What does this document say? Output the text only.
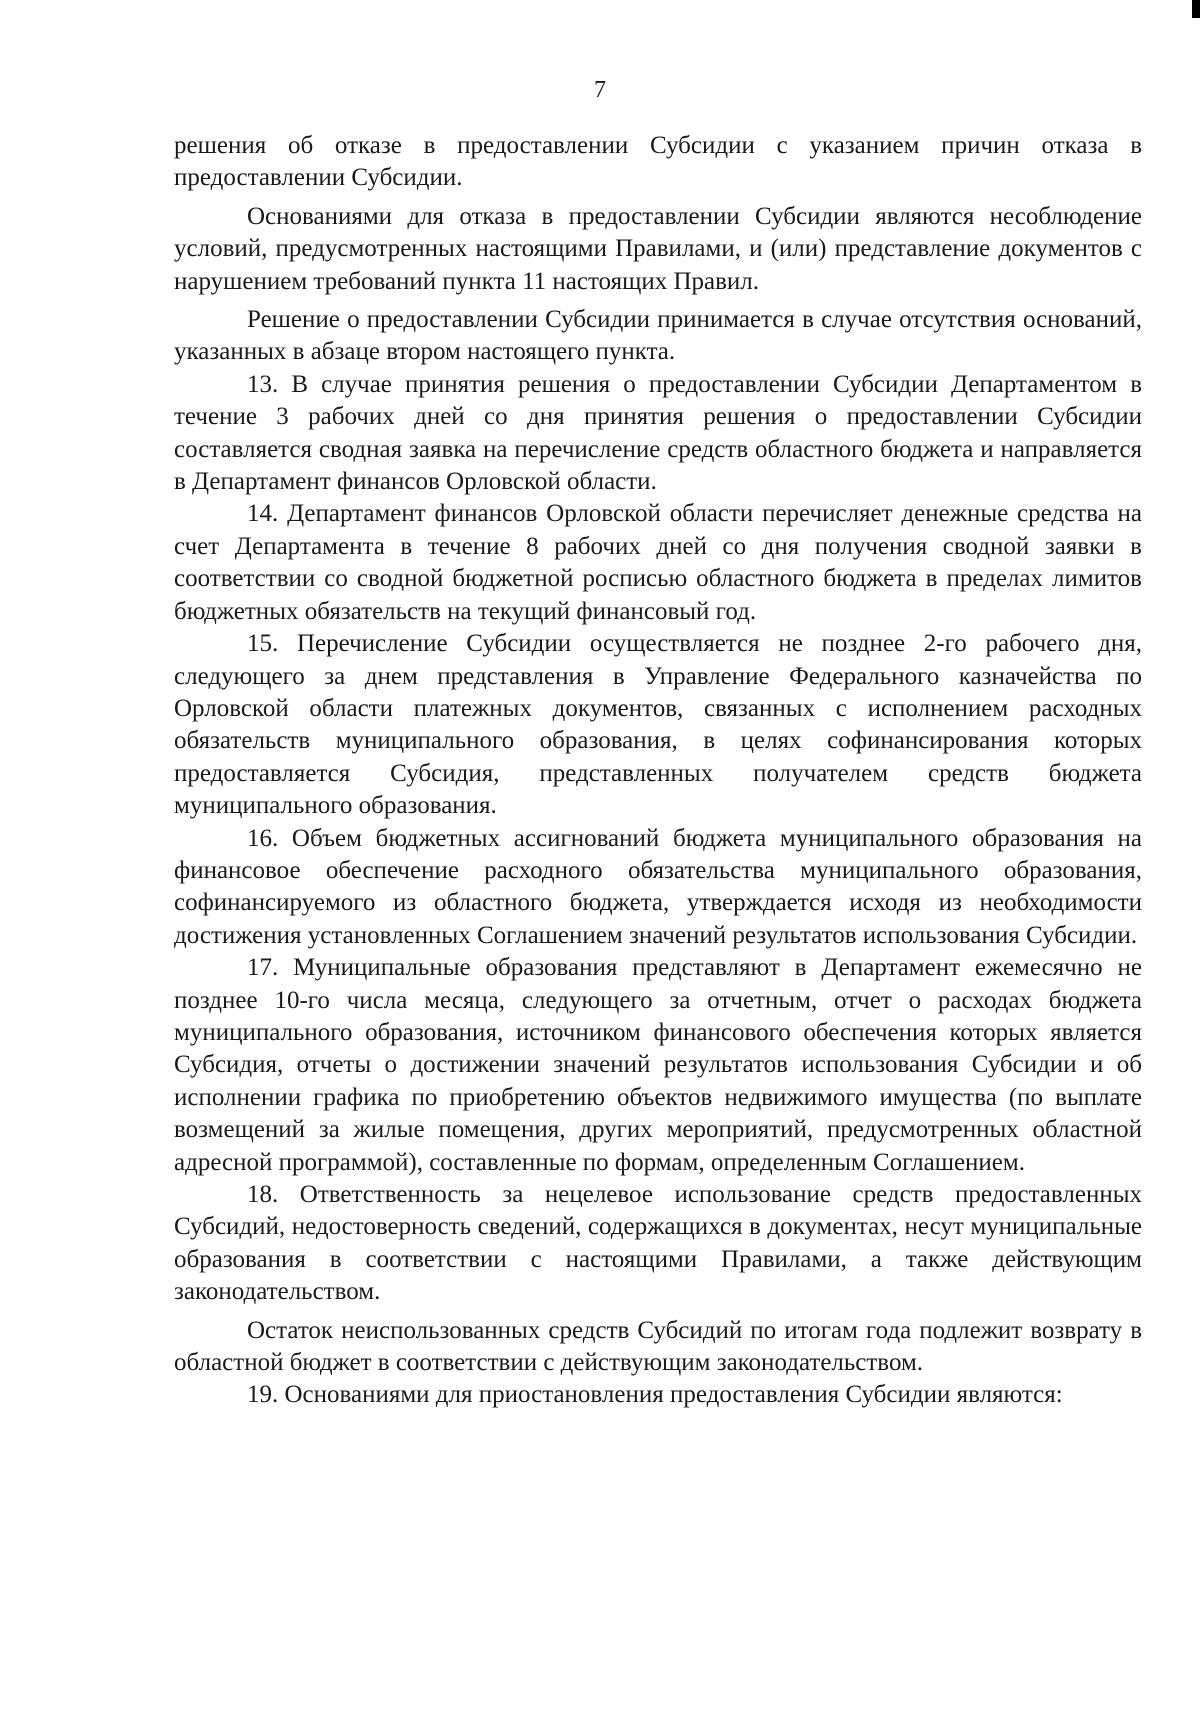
7

решения об отказе в предоставлении Субсидии с указанием причин отказа в предоставлении Субсидии.

Основаниями для отказа в предоставлении Субсидии являются несоблюдение условий, предусмотренных настоящими Правилами, и (или) представление документов с нарушением требований пункта 11 настоящих Правил.

Решение о предоставлении Субсидии принимается в случае отсутствия оснований, указанных в абзаце втором настоящего пункта.

13. В случае принятия решения о предоставлении Субсидии Департаментом в течение 3 рабочих дней со дня принятия решения о предоставлении Субсидии составляется сводная заявка на перечисление средств областного бюджета и направляется в Департамент финансов Орловской области.

14. Департамент финансов Орловской области перечисляет денежные средства на счет Департамента в течение 8 рабочих дней со дня получения сводной заявки в соответствии со сводной бюджетной росписью областного бюджета в пределах лимитов бюджетных обязательств на текущий финансовый год.

15. Перечисление Субсидии осуществляется не позднее 2-го рабочего дня, следующего за днем представления в Управление Федерального казначейства по Орловской области платежных документов, связанных с исполнением расходных обязательств муниципального образования, в целях софинансирования которых предоставляется Субсидия, представленных получателем средств бюджета муниципального образования.

16. Объем бюджетных ассигнований бюджета муниципального образования на финансовое обеспечение расходного обязательства муниципального образования, софинансируемого из областного бюджета, утверждается исходя из необходимости достижения установленных Соглашением значений результатов использования Субсидии.

17. Муниципальные образования представляют в Департамент ежемесячно не позднее 10-го числа месяца, следующего за отчетным, отчет о расходах бюджета муниципального образования, источником финансового обеспечения которых является Субсидия, отчеты о достижении значений результатов использования Субсидии и об исполнении графика по приобретению объектов недвижимого имущества (по выплате возмещений за жилые помещения, других мероприятий, предусмотренных областной адресной программой), составленные по формам, определенным Соглашением.

18. Ответственность за нецелевое использование средств предоставленных Субсидий, недостоверность сведений, содержащихся в документах, несут муниципальные образования в соответствии с настоящими Правилами, а также действующим законодательством.

Остаток неиспользованных средств Субсидий по итогам года подлежит возврату в областной бюджет в соответствии с действующим законодательством.

19. Основаниями для приостановления предоставления Субсидии являются:
